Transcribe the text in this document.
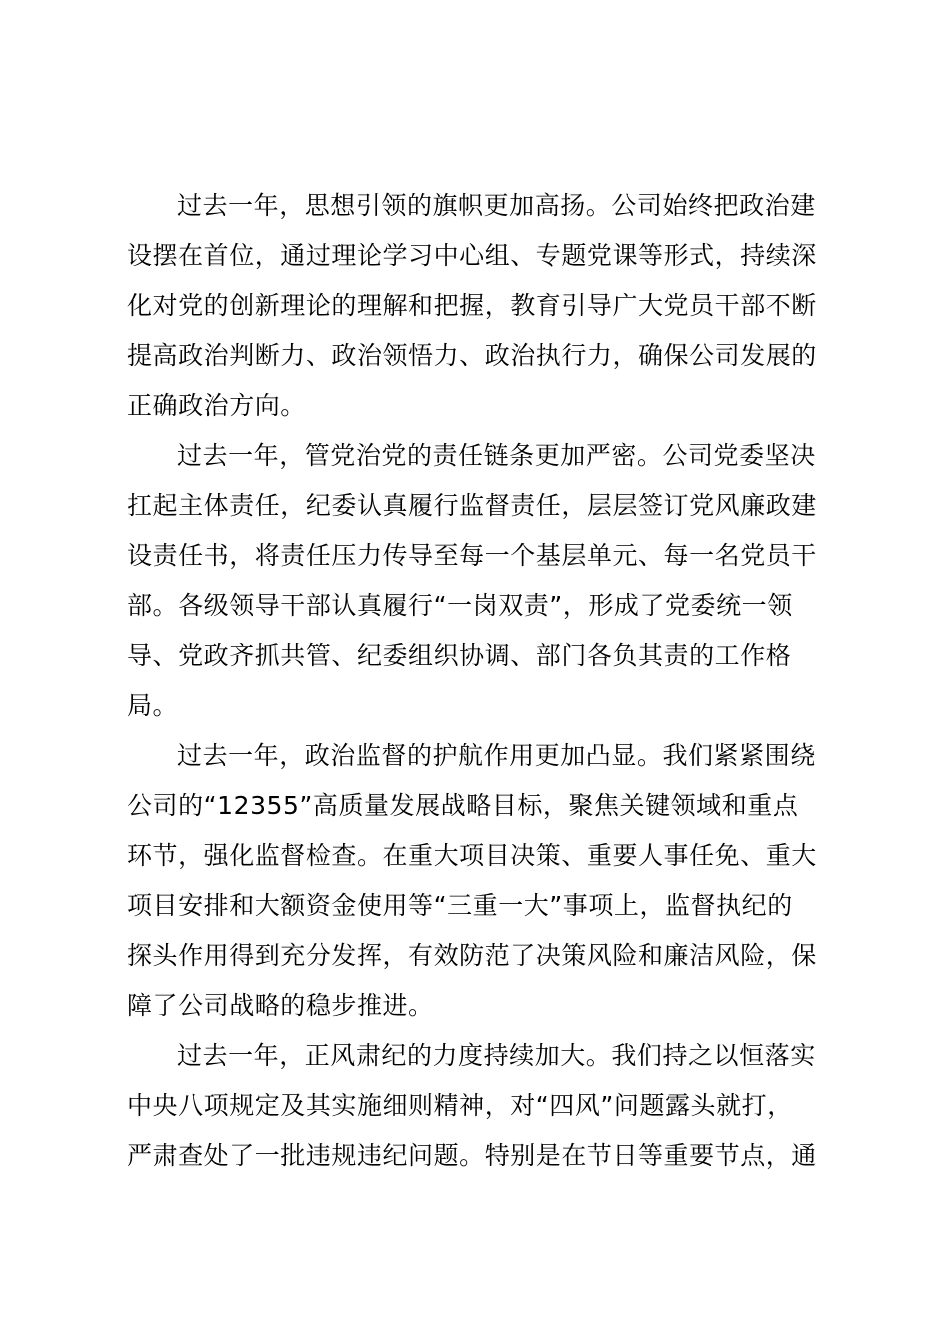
过去一年，思想引领的旗帜更加高扬。公司始终把政治建
设摆在首位，通过理论学习中心组、专题党课等形式，持续深
化对党的创新理论的理解和把握，教育引导广大党员干部不断
提高政治判断力、政治领悟力、政治执行力，确保公司发展的
正确政治方向。
过去一年，管党治党的责任链条更加严密。公司党委坚决
扛起主体责任，纪委认真履行监督责任，层层签订党风廉政建
设责任书，将责任压力传导至每一个基层单元、每一名党员干
部。各级领导干部认真履行“一岗双责”，形成了党委统一领
导、党政齐抓共管、纪委组织协调、部门各负其责的工作格
局。
过去一年，政治监督的护航作用更加凸显。我们紧紧围绕
公司的“12355”高质量发展战略目标，聚焦关键领域和重点
环节，强化监督检查。在重大项目决策、重要人事任免、重大
项目安排和大额资金使用等“三重一大”事项上，监督执纪的
探头作用得到充分发挥，有效防范了决策风险和廉洁风险，保
障了公司战略的稳步推进。
过去一年，正风肃纪的力度持续加大。我们持之以恒落实
中央八项规定及其实施细则精神，对“四风”问题露头就打，
严肃查处了一批违规违纪问题。特别是在节日等重要节点，通
